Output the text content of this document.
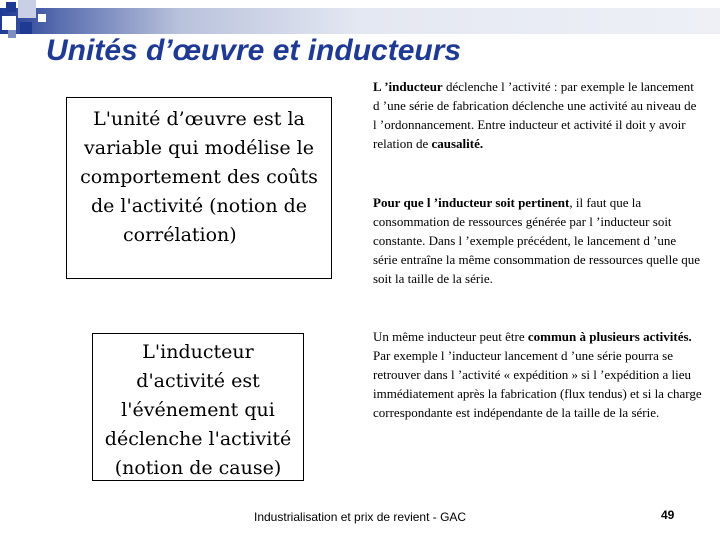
Unités d’œuvre et inducteurs
L'unité d’œuvre est la
variable qui modélise le
comportement des coûts
de l'activité (notion de
corrélation)
L'inducteur
d'activité est
l'événement qui
déclenche l'activité
(notion de cause)
L ’inducteur déclenche l ’activité : par exemple le lancement d ’une série de fabrication déclenche une activité au niveau de l ’ordonnancement. Entre inducteur et activité il doit y avoir relation de causalité.
Pour que l ’inducteur soit pertinent, il faut que la consommation de ressources générée par l ’inducteur soit constante. Dans l ’exemple précédent, le lancement d ’une série entraîne la même consommation de ressources quelle que soit la taille de la série.
Un même inducteur peut être commun à plusieurs activités. Par exemple l ’inducteur lancement d ’une série pourra se retrouver dans l ’activité « expédition » si l ’expédition a lieu immédiatement après la fabrication (flux tendus) et si la charge correspondante est indépendante de la taille de la série.
Industrialisation et prix de revient - GAC	49
